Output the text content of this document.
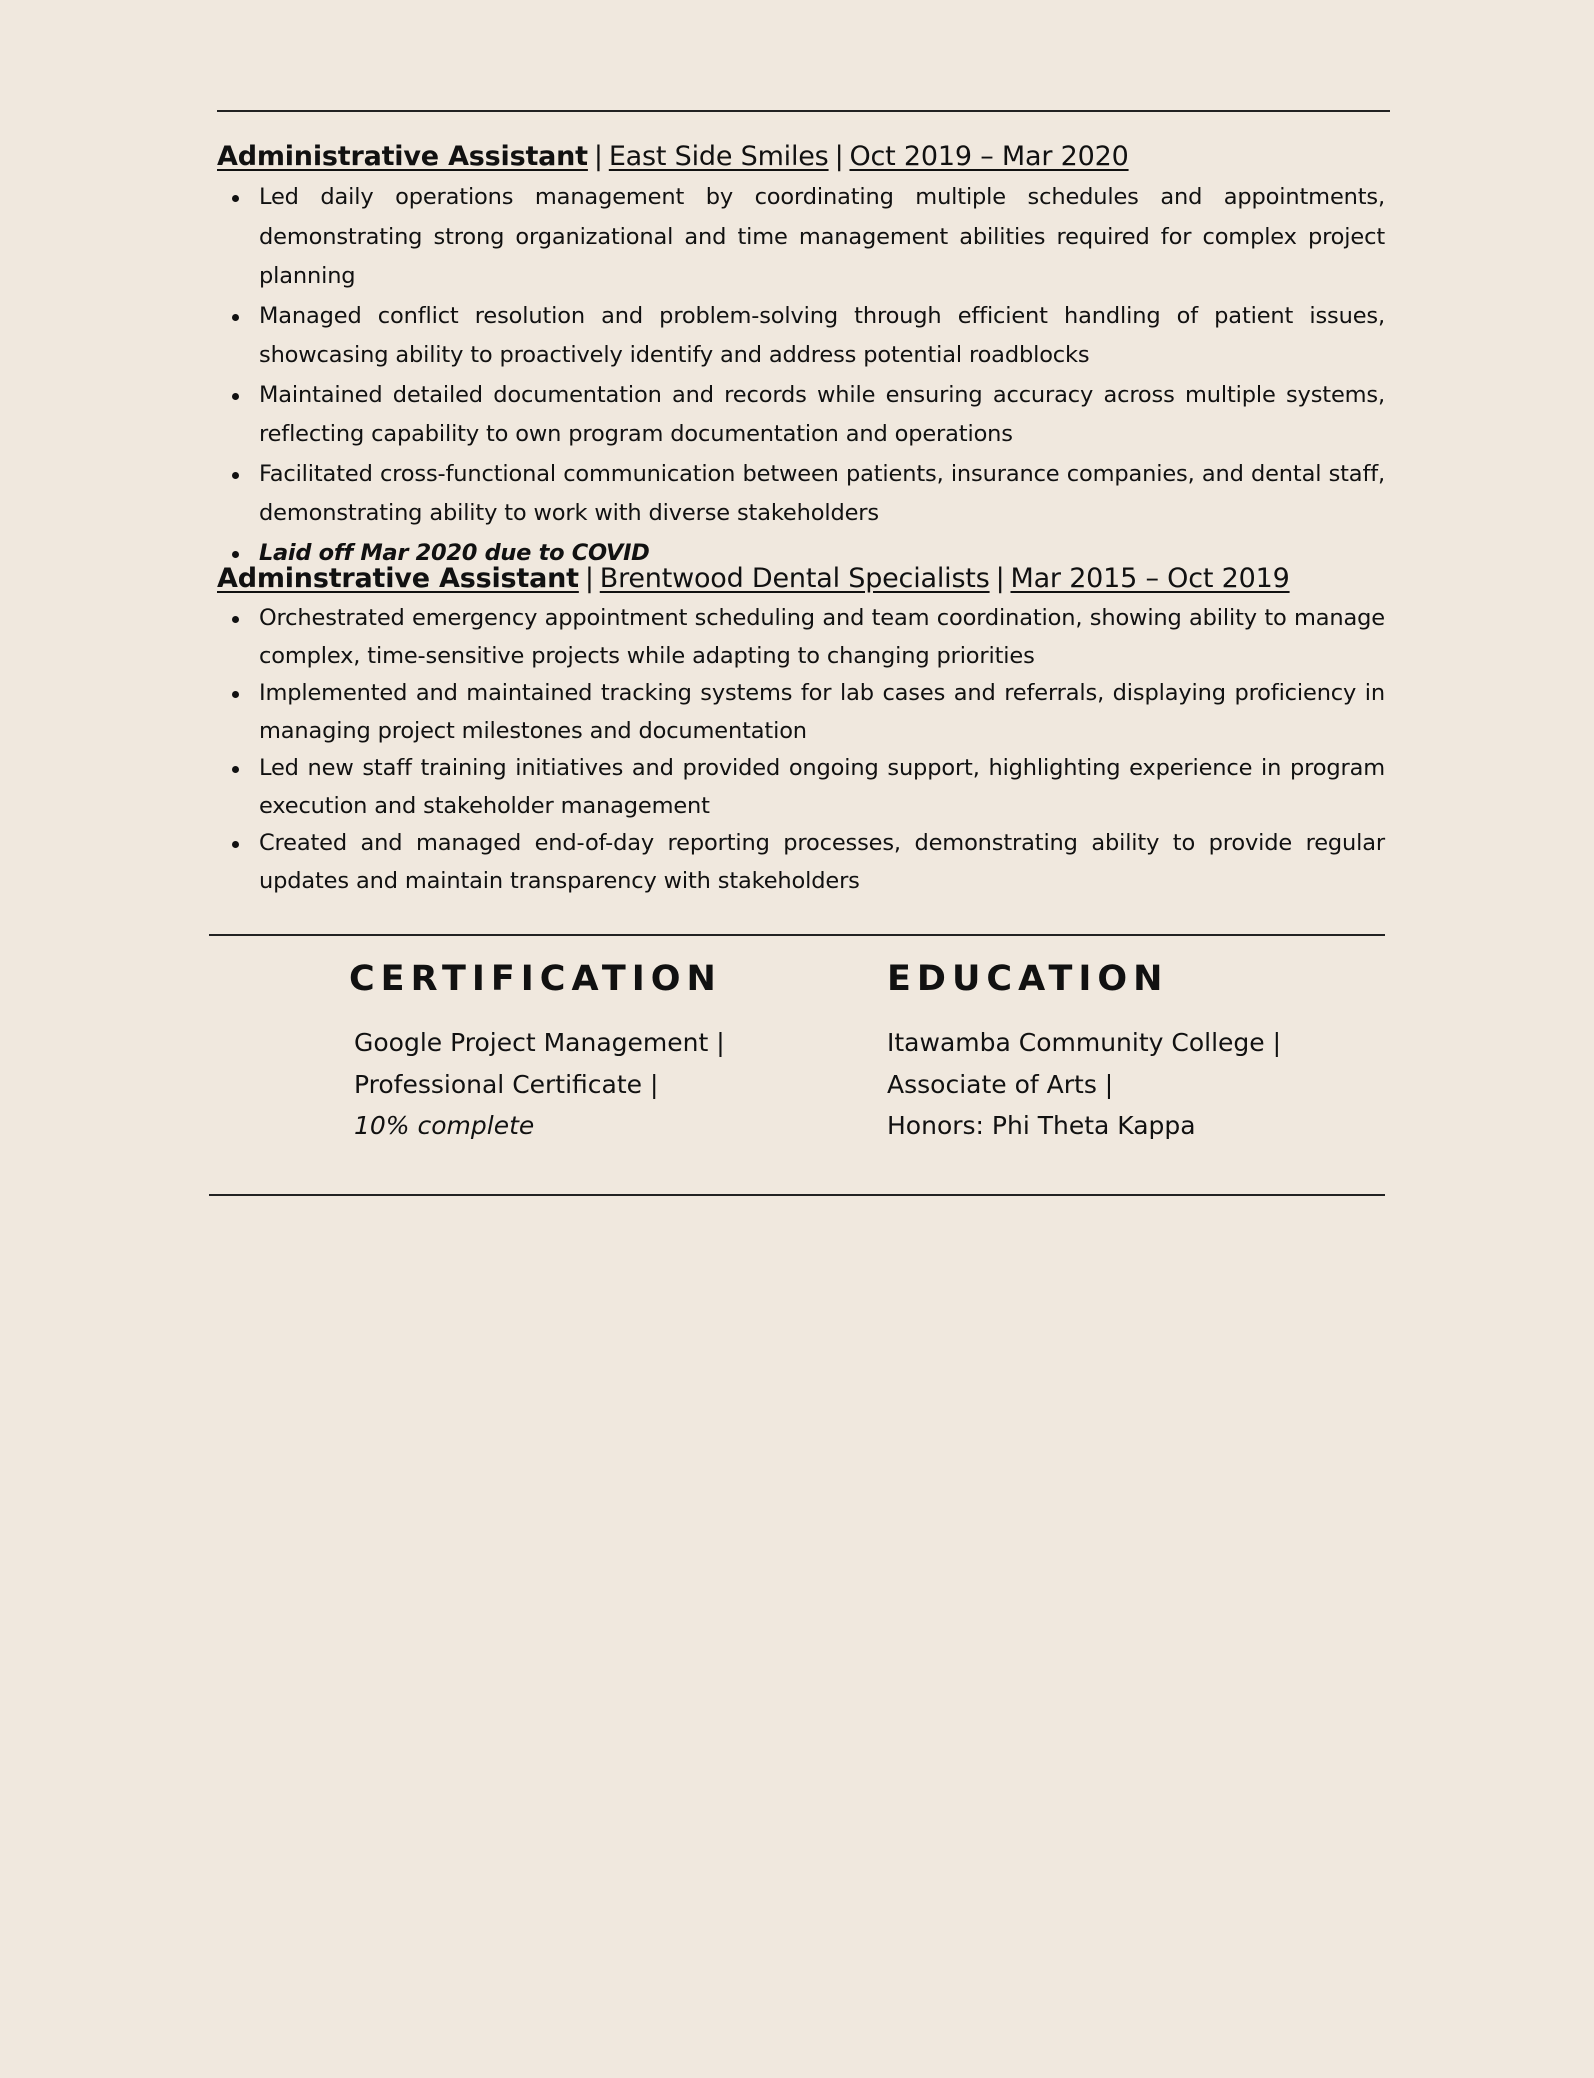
Administrative Assistant | East Side Smiles | Oct 2019 – Mar 2020
Led daily operations management by coordinating multiple schedules and appointments, demonstrating strong organizational and time management abilities required for complex project planning
Managed conflict resolution and problem-solving through efficient handling of patient issues, showcasing ability to proactively identify and address potential roadblocks
Maintained detailed documentation and records while ensuring accuracy across multiple systems, reflecting capability to own program documentation and operations
Facilitated cross-functional communication between patients, insurance companies, and dental staff, demonstrating ability to work with diverse stakeholders
Laid off Mar 2020 due to COVID
Adminstrative Assistant | Brentwood Dental Specialists | Mar 2015 – Oct 2019
Orchestrated emergency appointment scheduling and team coordination, showing ability to manage complex, time-sensitive projects while adapting to changing priorities
Implemented and maintained tracking systems for lab cases and referrals, displaying proficiency in managing project milestones and documentation
Led new staff training initiatives and provided ongoing support, highlighting experience in program execution and stakeholder management
Created and managed end-of-day reporting processes, demonstrating ability to provide regular updates and maintain transparency with stakeholders
CERTIFICATION
Google Project Management |
Professional Certificate |
10% complete
EDUCATION
Itawamba Community College |
Associate of Arts |
Honors: Phi Theta Kappa
